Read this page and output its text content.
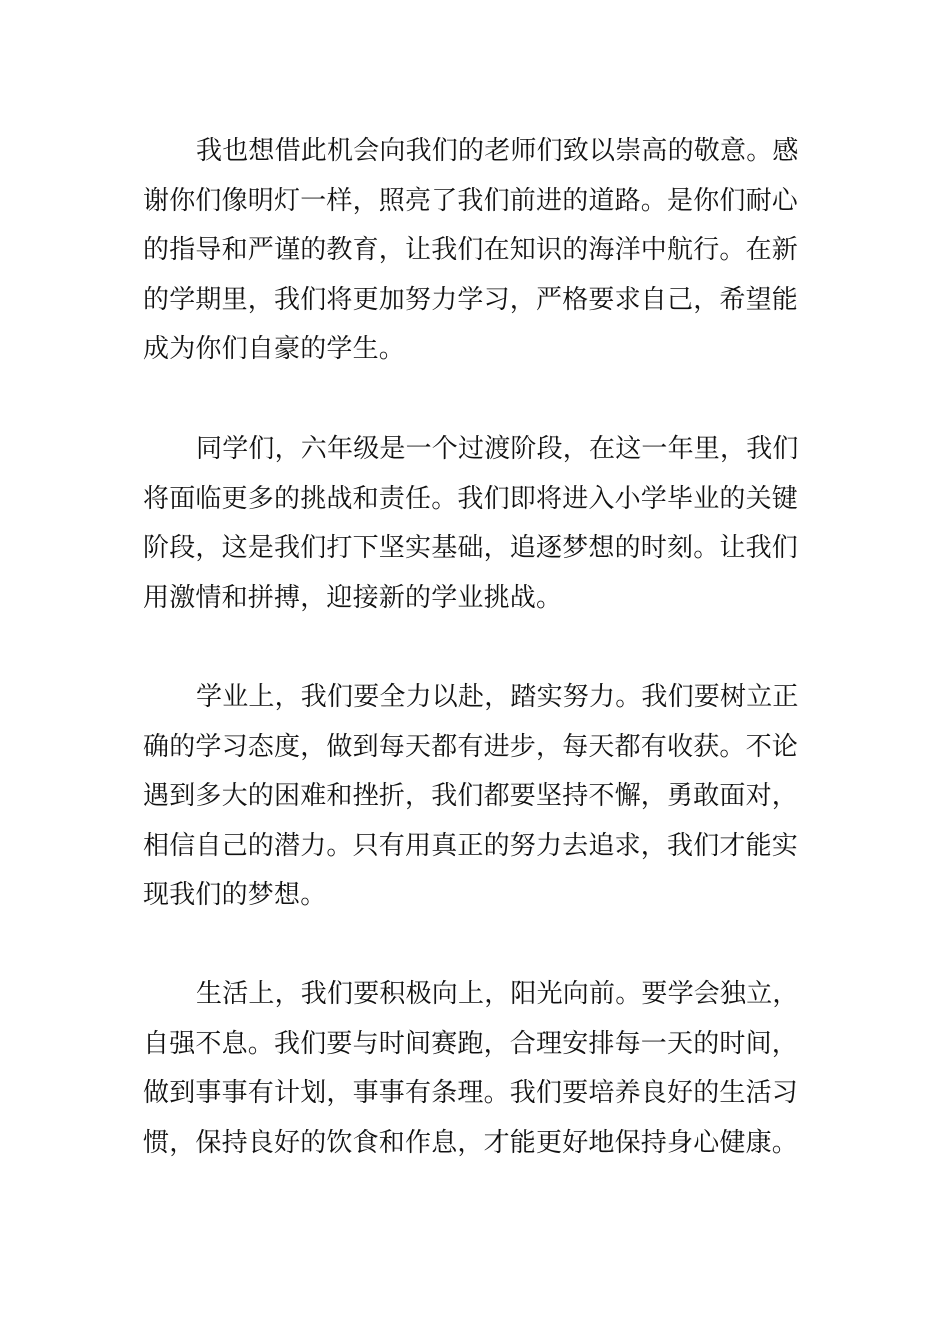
我也想借此机会向我们的老师们致以崇高的敬意。感
谢你们像明灯一样，照亮了我们前进的道路。是你们耐心
的指导和严谨的教育，让我们在知识的海洋中航行。在新
的学期里，我们将更加努力学习，严格要求自己，希望能
成为你们自豪的学生。
同学们，六年级是一个过渡阶段，在这一年里，我们
将面临更多的挑战和责任。我们即将进入小学毕业的关键
阶段，这是我们打下坚实基础，追逐梦想的时刻。让我们
用激情和拼搏，迎接新的学业挑战。
学业上，我们要全力以赴，踏实努力。我们要树立正
确的学习态度，做到每天都有进步，每天都有收获。不论
遇到多大的困难和挫折，我们都要坚持不懈，勇敢面对，
相信自己的潜力。只有用真正的努力去追求，我们才能实
现我们的梦想。
生活上，我们要积极向上，阳光向前。要学会独立，
自强不息。我们要与时间赛跑，合理安排每一天的时间，
做到事事有计划，事事有条理。我们要培养良好的生活习
惯，保持良好的饮食和作息，才能更好地保持身心健康。
